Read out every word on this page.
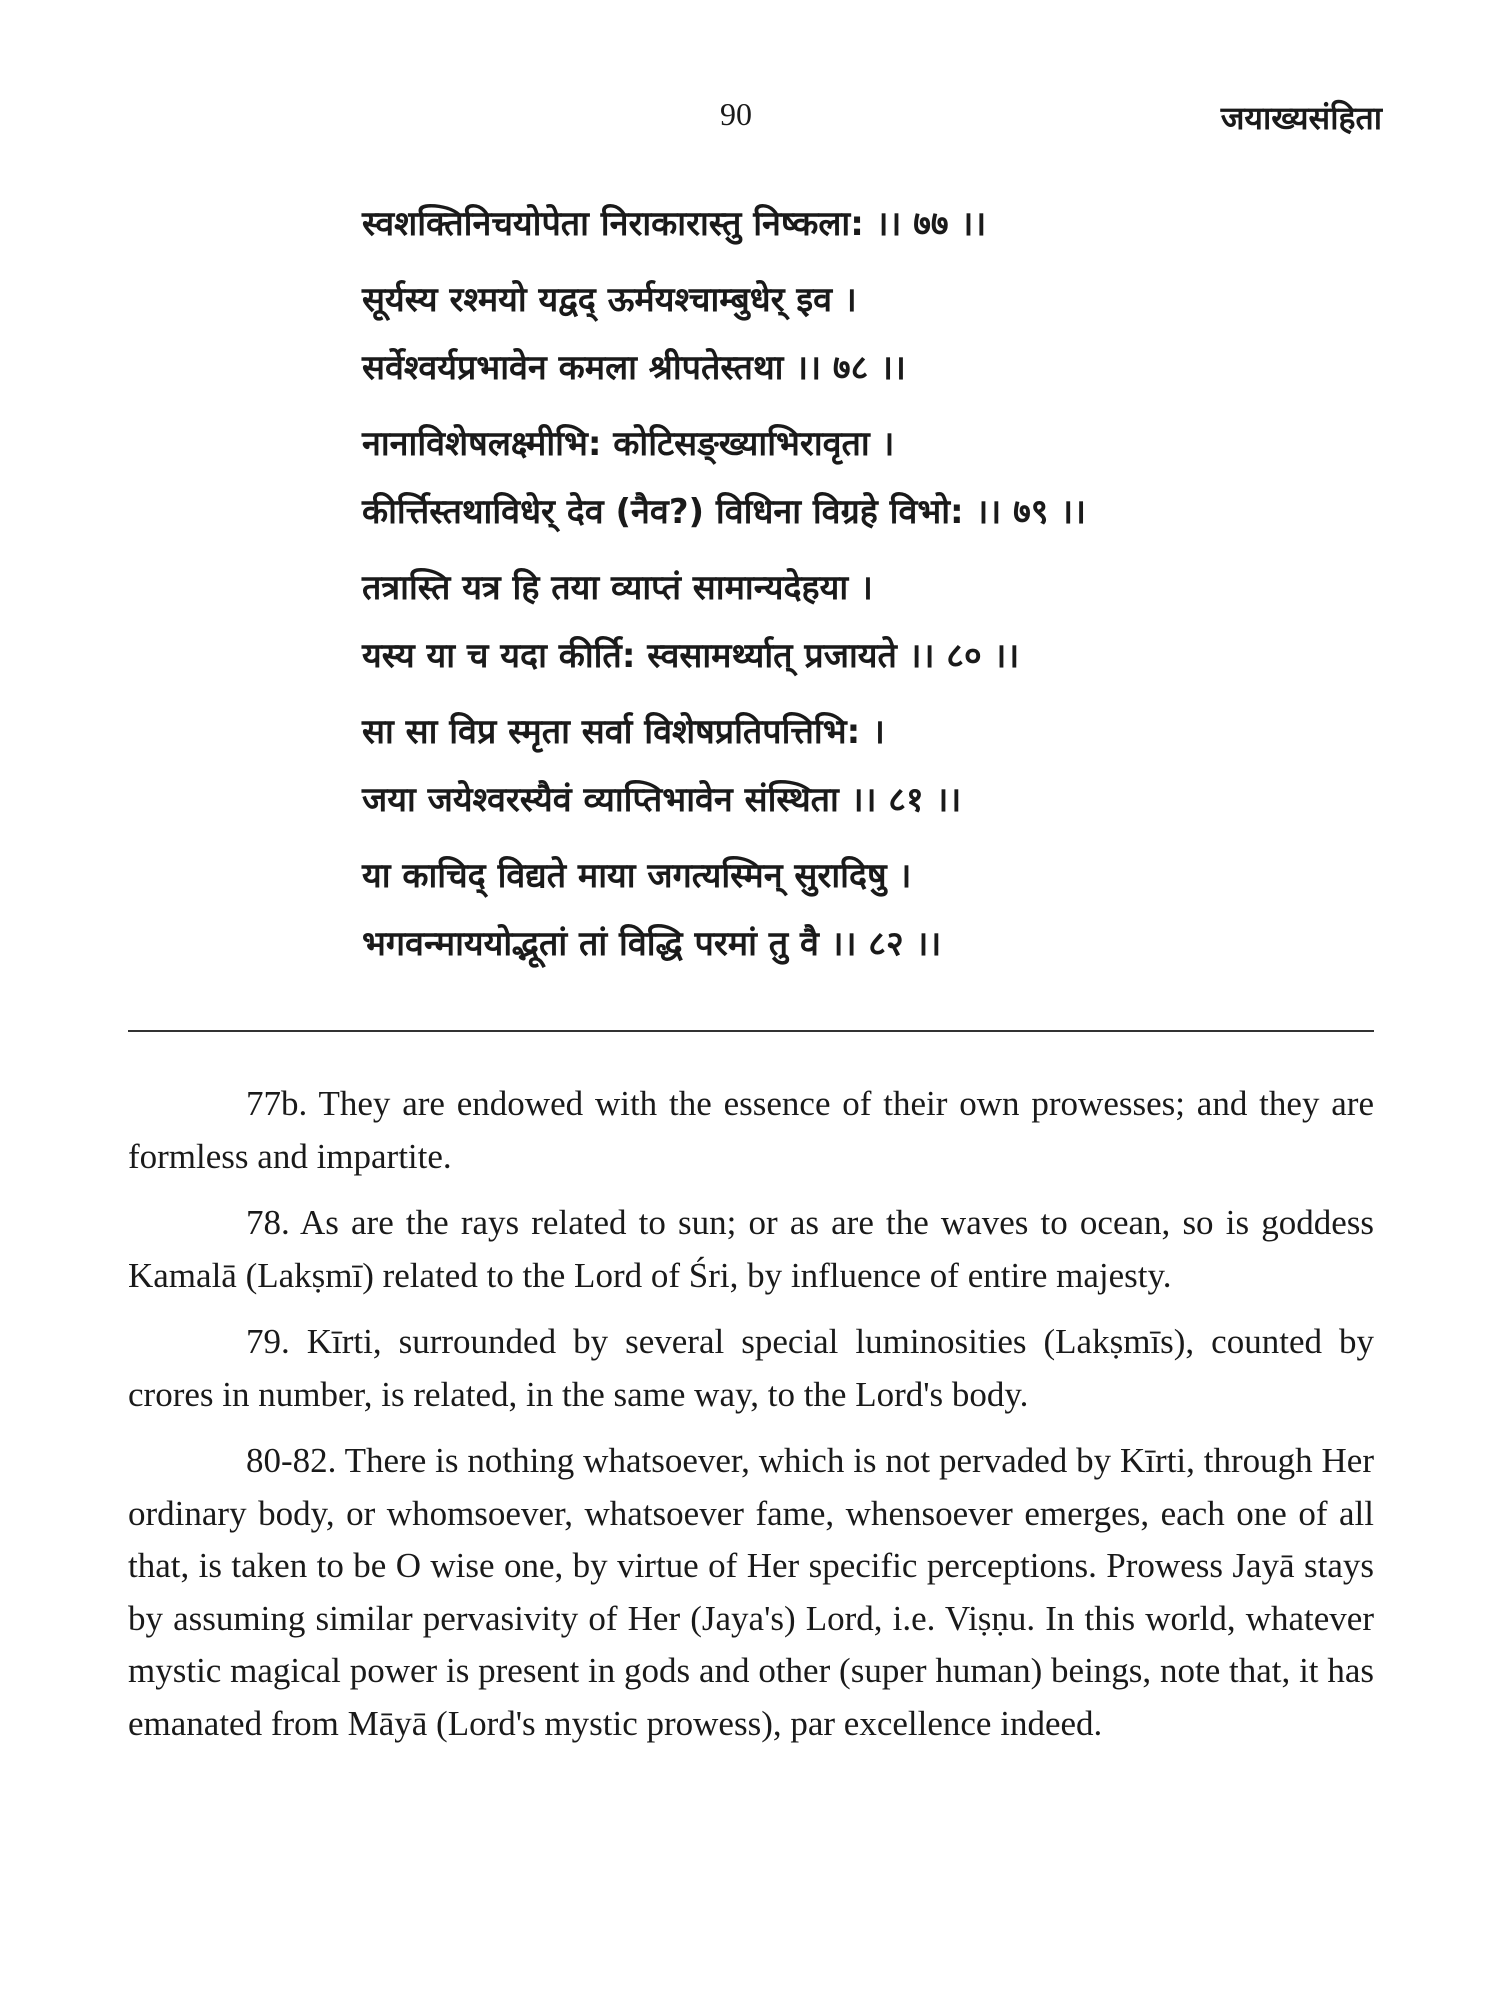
90	जयाख्यसंहिता
स्वशक्तिनिचयोपेता निराकारास्तु निष्कला: ।। ७७ ।।
सूर्यस्य रश्मयो यद्वद् ऊर्मयश्चाम्बुधेर् इव ।
सर्वेश्वर्यप्रभावेन कमला श्रीपतेस्तथा ।। ७८ ।।
नानाविशेषलक्ष्मीभि: कोटिसङ्ख्याभिरावृता ।
कीर्त्तिस्तथाविधेर् देव (नैव?) विधिना विग्रहे विभो: ।। ७९ ।।
तत्रास्ति यत्र हि तया व्याप्तं सामान्यदेहया ।
यस्य या च यदा कीर्ति: स्वसामर्थ्यात् प्रजायते ।। ८० ।।
सा सा विप्र स्मृता सर्वा विशेषप्रतिपत्तिभि: ।
जया जयेश्वरस्यैवं व्याप्तिभावेन संस्थिता ।। ८१ ।।
या काचिद् विद्यते माया जगत्यस्मिन् सुरादिषु ।
भगवन्माययोद्भूतां तां विद्धि परमां तु वै ।। ८२ ।।

77b. They are endowed with the essence of their own prowesses; and they are formless and impartite.

78. As are the rays related to sun; or as are the waves to ocean, so is goddess Kamalā (Lakṣmī) related to the Lord of Śri, by influence of entire majesty.

79. Kīrti, surrounded by several special luminosities (Lakṣmīs), counted by crores in number, is related, in the same way, to the Lord's body.

80-82. There is nothing whatsoever, which is not pervaded by Kīrti, through Her ordinary body, or whomsoever, whatsoever fame, whensoever emerges, each one of all that, is taken to be O wise one, by virtue of Her specific perceptions. Prowess Jayā stays by assuming similar pervasivity of Her (Jaya's) Lord, i.e. Viṣṇu. In this world, whatever mystic magical power is present in gods and other (super human) beings, note that, it has emanated from Māyā (Lord's mystic prowess), par excellence indeed.
